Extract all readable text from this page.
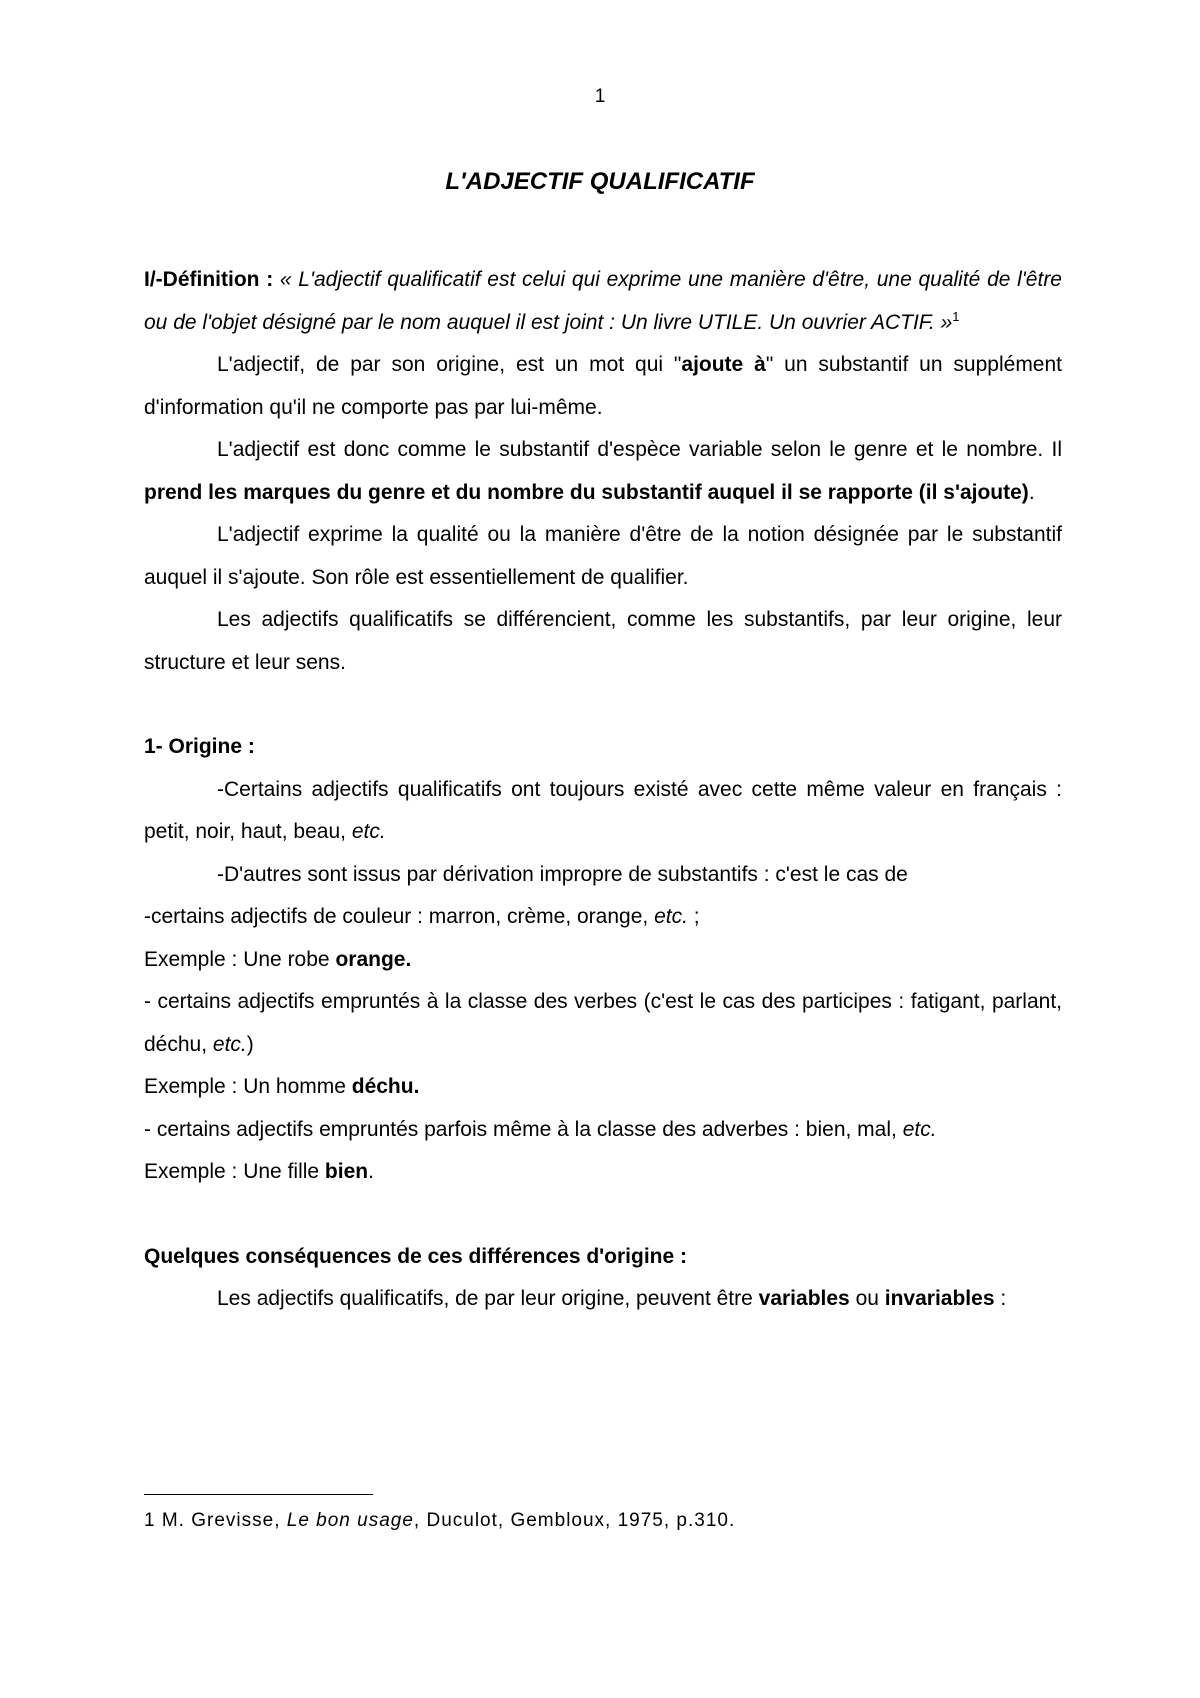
1
L'ADJECTIF QUALIFICATIF

I/-Définition : « L'adjectif qualificatif est celui qui exprime une manière d'être, une qualité de l'être ou de l'objet désigné par le nom auquel il est joint : Un livre UTILE. Un ouvrier ACTIF. »$^1$

L'adjectif, de par son origine, est un mot qui "ajoute à" un substantif un supplément d'information qu'il ne comporte pas par lui-même.

L'adjectif est donc comme le substantif d'espèce variable selon le genre et le nombre. Il prend les marques du genre et du nombre du substantif auquel il se rapporte (il s'ajoute).

L'adjectif exprime la qualité ou la manière d'être de la notion désignée par le substantif auquel il s'ajoute. Son rôle est essentiellement de qualifier.

Les adjectifs qualificatifs se différencient, comme les substantifs, par leur origine, leur structure et leur sens.

1- Origine :

-Certains adjectifs qualificatifs ont toujours existé avec cette même valeur en français : petit, noir, haut, beau, etc.

-D'autres sont issus par dérivation impropre de substantifs : c'est le cas de

-certains adjectifs de couleur : marron, crème, orange, etc. ;

Exemple : Une robe orange.

- certains adjectifs empruntés à la classe des verbes (c'est le cas des participes : fatigant, parlant, déchu, etc.)

Exemple : Un homme déchu.

- certains adjectifs empruntés parfois même à la classe des adverbes : bien, mal, etc.

Exemple : Une fille bien.

Quelques conséquences de ces différences d'origine :

Les adjectifs qualificatifs, de par leur origine, peuvent être variables ou invariables :

1 M. Grevisse, Le bon usage, Duculot, Gembloux, 1975, p.310.
